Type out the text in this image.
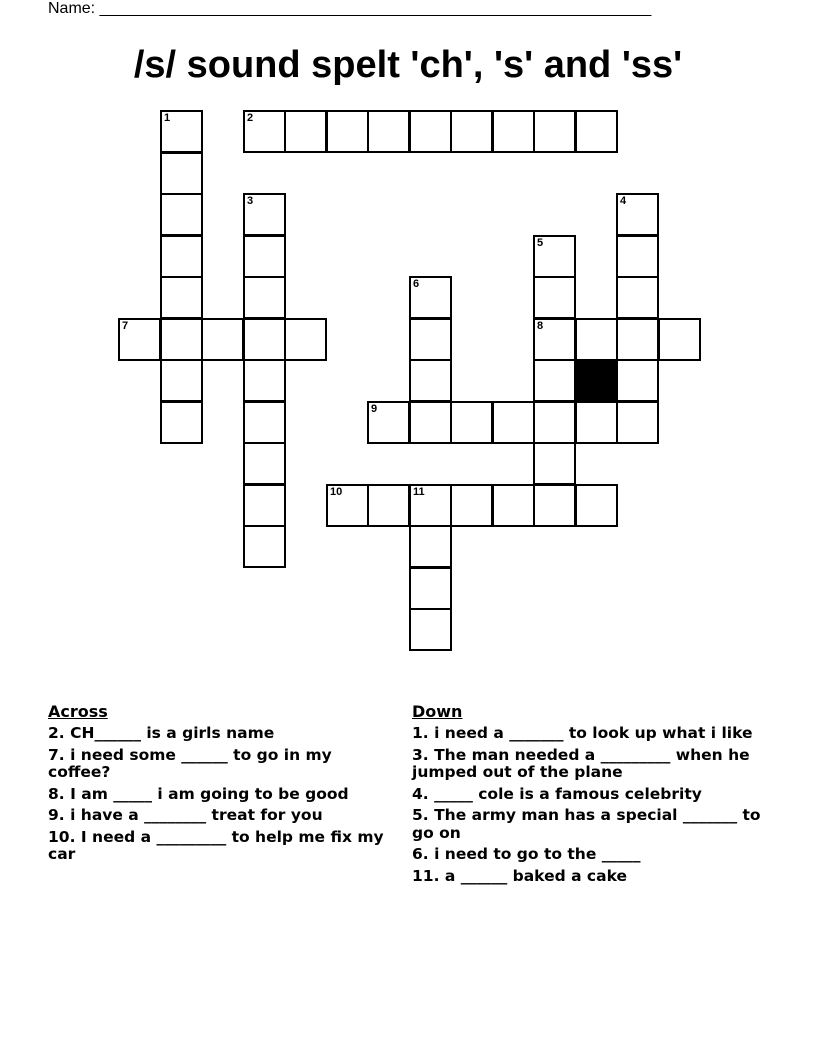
Name: ______________________________________________________________
/s/ sound spelt 'ch', 's' and 'ss'
2
7	8
9
10	11
1
3	4
5
6
Across
2. CH______ is a girls name
7. i need some ______ to go in my coffee?
8. I am _____ i am going to be good
9. i have a ________ treat for you
10. I need a _________ to help me fix my car
Down
1. i need a _______ to look up what i like
3. The man needed a _________ when he jumped out of the plane
4. _____ cole is a famous celebrity
5. The army man has a special _______ to go on
6. i need to go to the _____
11. a ______ baked a cake
